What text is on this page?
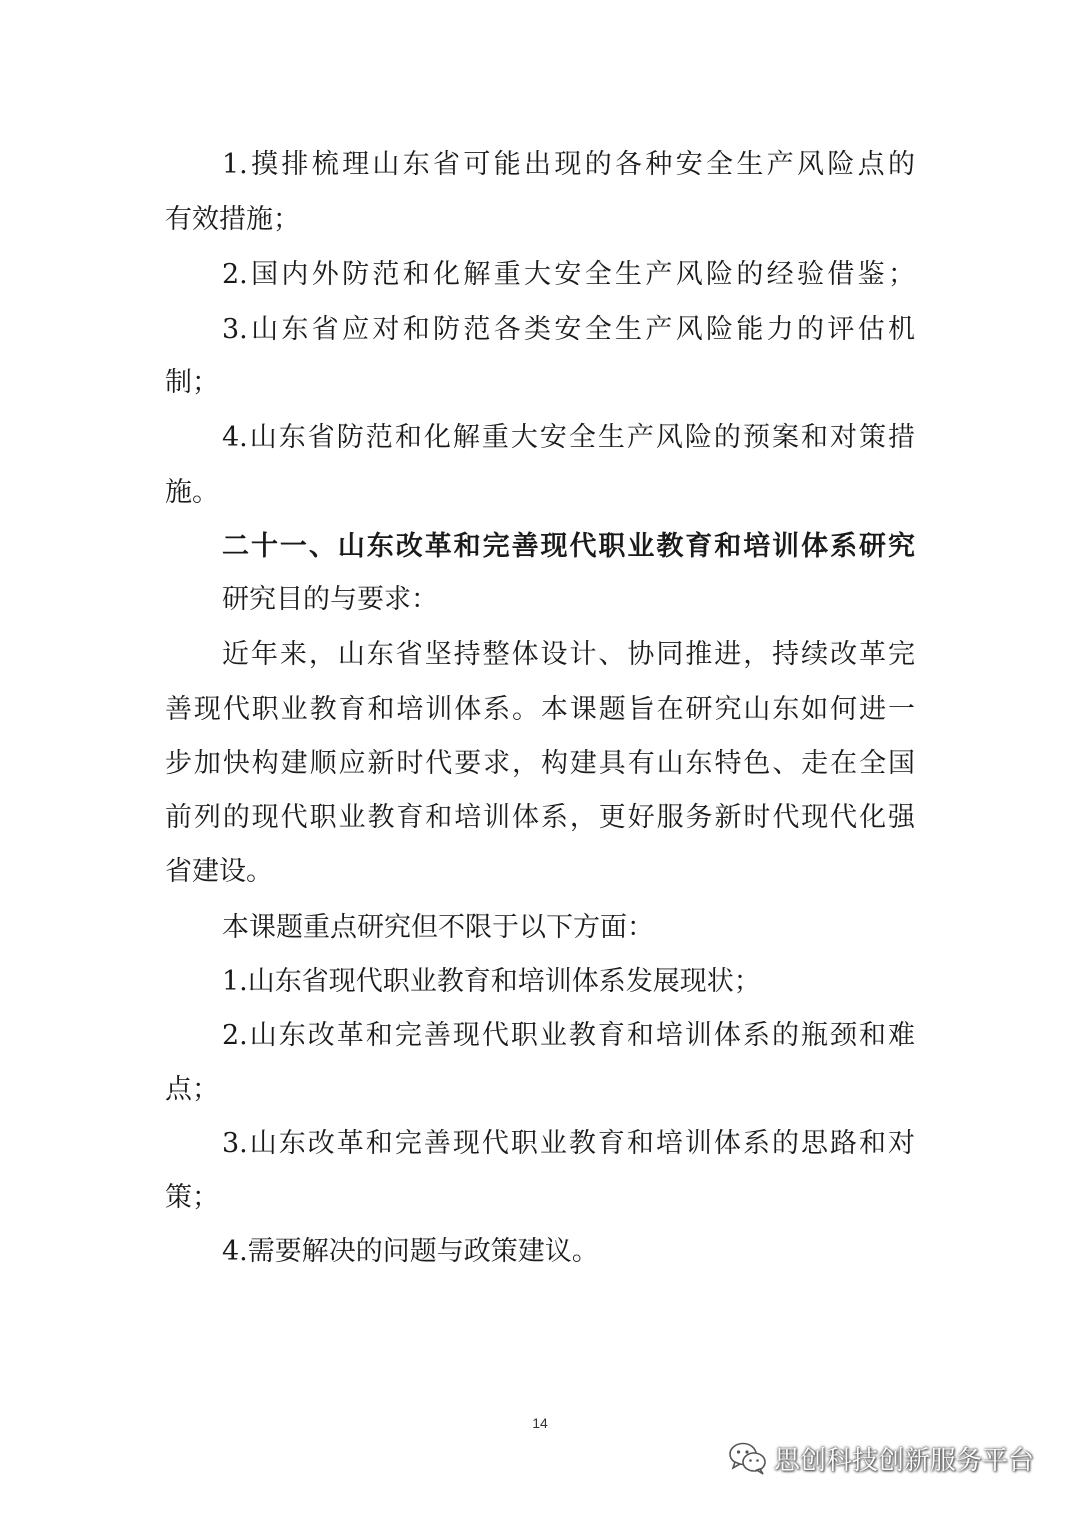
1.摸排梳理山东省可能出现的各种安全生产风险点的
有效措施；
2.国内外防范和化解重大安全生产风险的经验借鉴；
3.山东省应对和防范各类安全生产风险能力的评估机
制；
4.山东省防范和化解重大安全生产风险的预案和对策措
施。
二十一、山东改革和完善现代职业教育和培训体系研究
研究目的与要求：
近年来，山东省坚持整体设计、协同推进，持续改革完
善现代职业教育和培训体系。本课题旨在研究山东如何进一
步加快构建顺应新时代要求，构建具有山东特色、走在全国
前列的现代职业教育和培训体系，更好服务新时代现代化强
省建设。
本课题重点研究但不限于以下方面：
1.山东省现代职业教育和培训体系发展现状；
2.山东改革和完善现代职业教育和培训体系的瓶颈和难
点；
3.山东改革和完善现代职业教育和培训体系的思路和对
策；
4.需要解决的问题与政策建议。
14
思创科技创新服务平台
